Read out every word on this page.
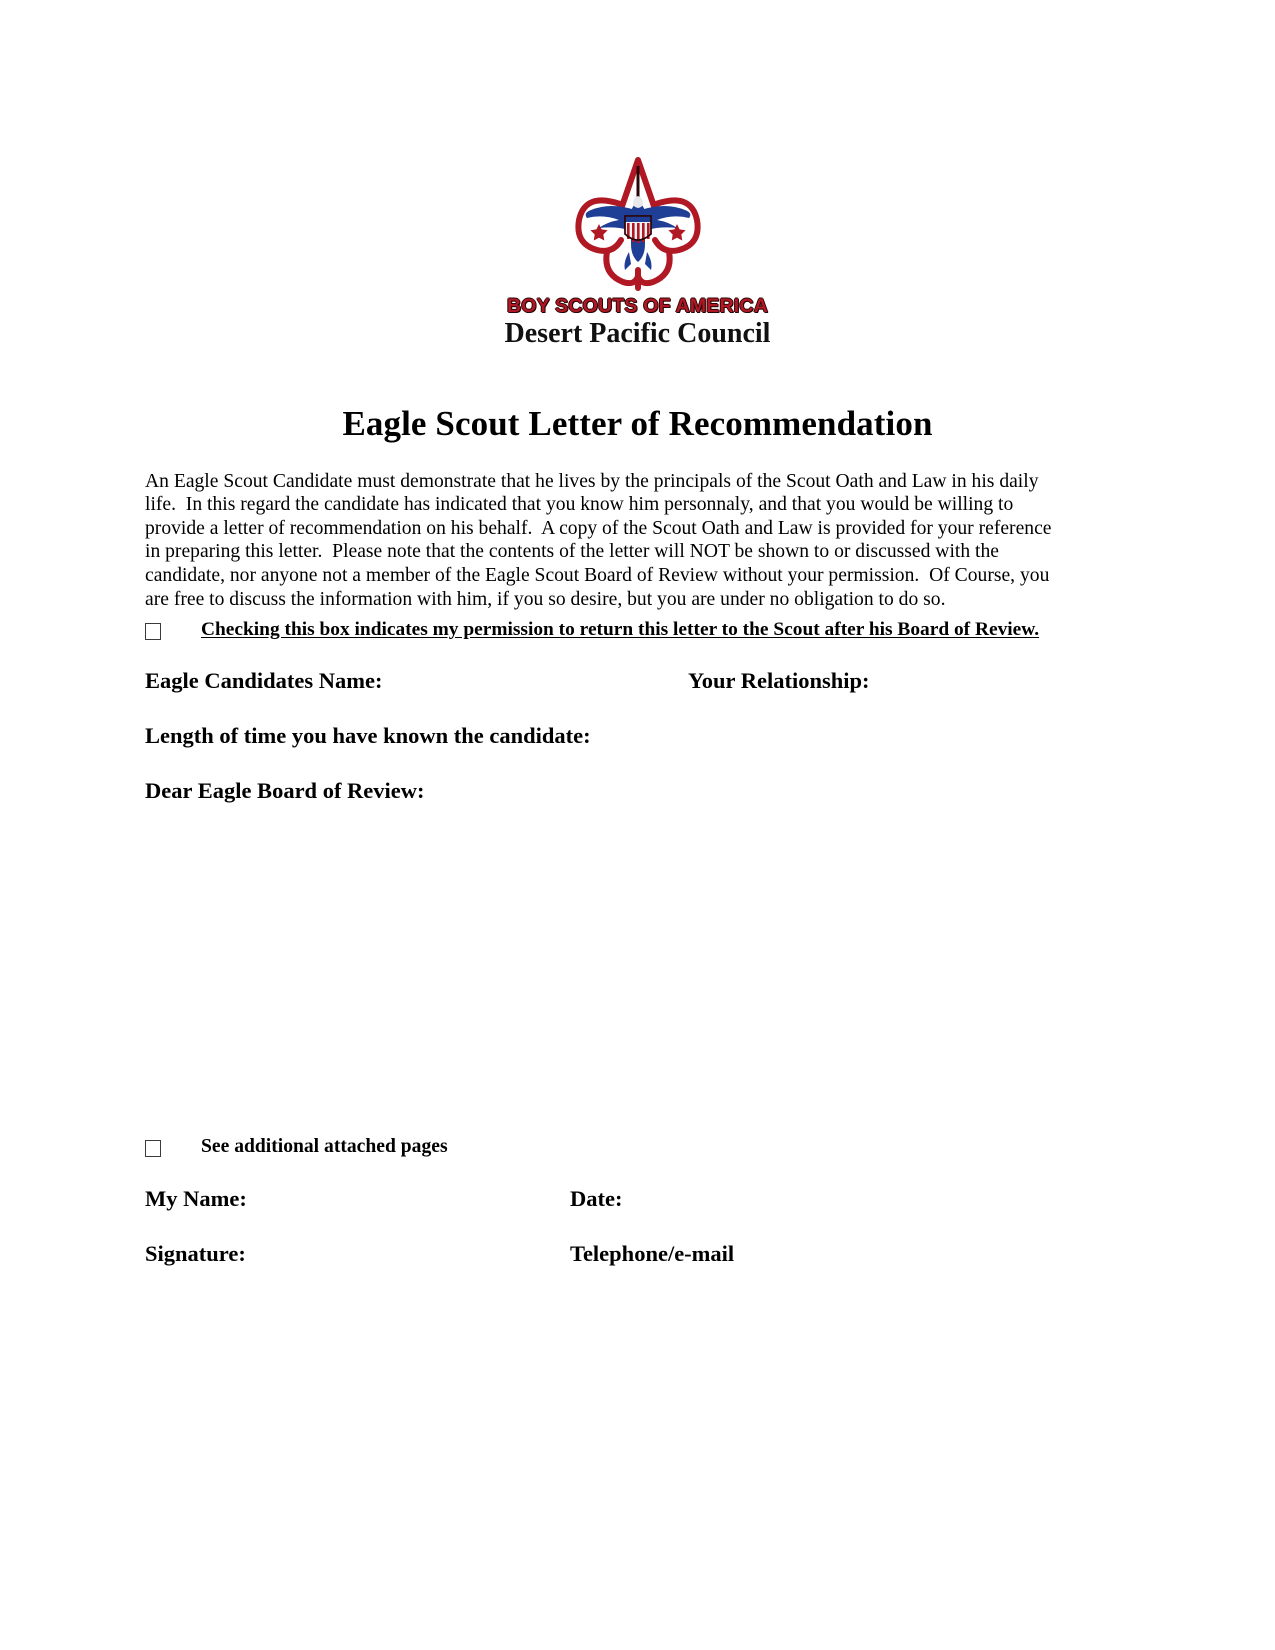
BOY SCOUTS OF AMERICA
Desert Pacific Council
Eagle Scout Letter of Recommendation

An Eagle Scout Candidate must demonstrate that he lives by the principals of the Scout Oath and Law in his daily life.  In this regard the candidate has indicated that you know him personnaly, and that you would be willing to provide a letter of recommendation on his behalf.  A copy of the Scout Oath and Law is provided for your reference in preparing this letter.  Please note that the contents of the letter will NOT be shown to or discussed with the candidate, nor anyone not a member of the Eagle Scout Board of Review without your permission.  Of Course, you are free to discuss the information with him, if you so desire, but you are under no obligation to do so.

Checking this box indicates my permission to return this letter to the Scout after his Board of Review.
Eagle Candidates Name:	Your Relationship:
Length of time you have known the candidate:
Dear Eagle Board of Review:
See additional attached pages
My Name:	Date:
Signature:	Telephone/e-mail
